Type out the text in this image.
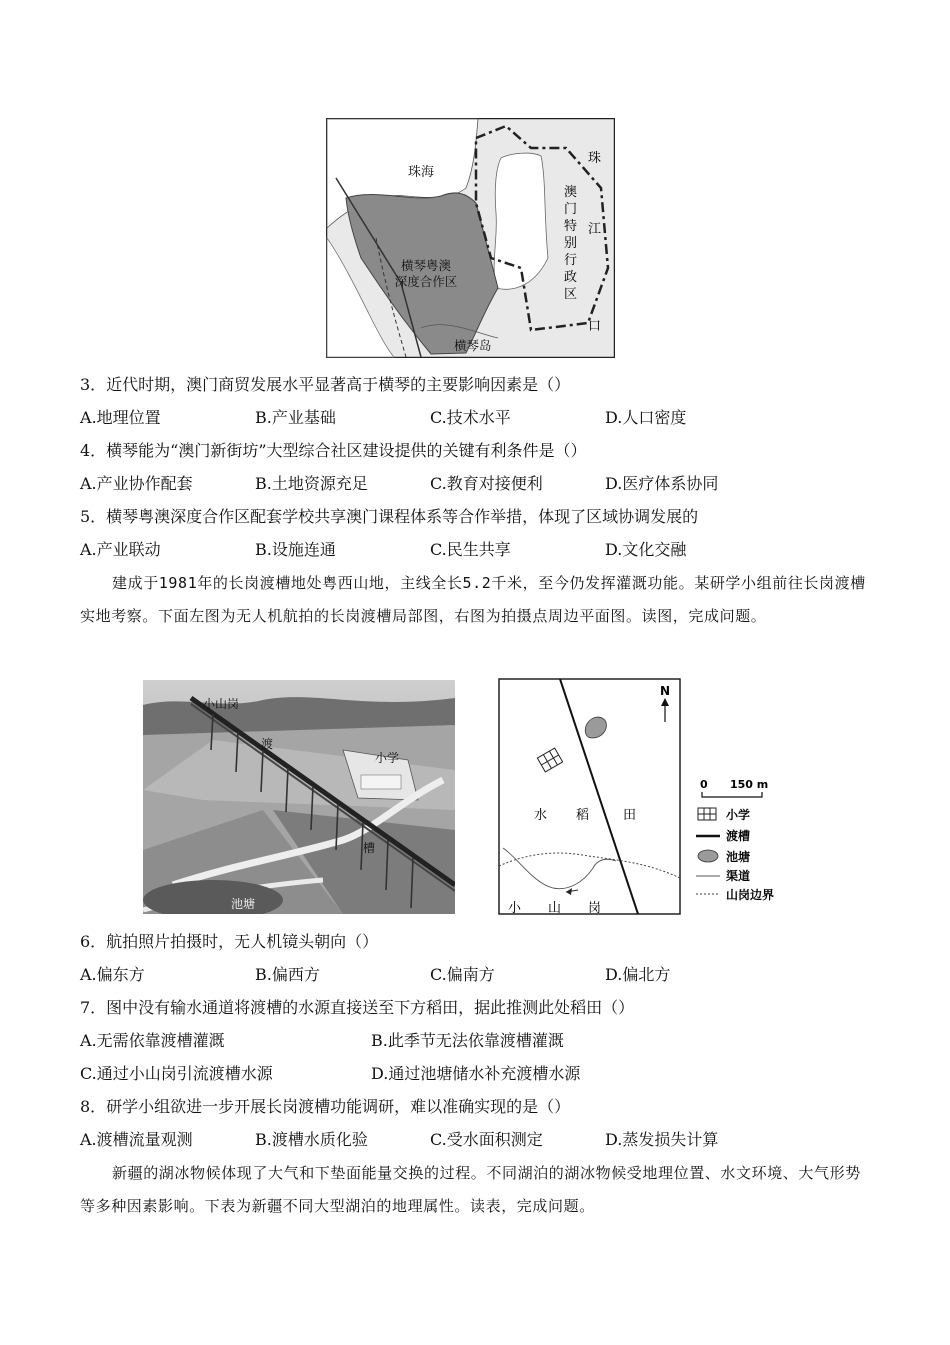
珠海
横琴粤澳
深度合作区
横琴岛
澳
门
特
别
行
政
区
珠
江
口
3．近代时期，澳门商贸发展水平显著高于横琴的主要影响因素是（）
A.地理位置	B.产业基础	C.技术水平	D.人口密度
4．横琴能为“澳门新街坊”大型综合社区建设提供的关键有利条件是（）
A.产业协作配套	B.土地资源充足	C.教育对接便利	D.医疗体系协同
5．横琴粤澳深度合作区配套学校共享澳门课程体系等合作举措，体现了区域协调发展的
A.产业联动	B.设施连通	C.民生共享	D.文化交融
建成于1981年的长岗渡槽地处粤西山地，主线全长5.2千米，至今仍发挥灌溉功能。某研学小组前往长岗渡槽实地考察。下面左图为无人机航拍的长岗渡槽局部图，右图为拍摄点周边平面图。读图，完成问题。
小山岗
渡
小学
槽
池塘
N
水 稻	田
小 山 岗
0 150 m
小学
渡槽
池塘
渠道
山岗边界
6．航拍照片拍摄时，无人机镜头朝向（）
A.偏东方	B.偏西方	C.偏南方	D.偏北方
7．图中没有输水通道将渡槽的水源直接送至下方稻田，据此推测此处稻田（）
A.无需依靠渡槽灌溉	B.此季节无法依靠渡槽灌溉
C.通过小山岗引流渡槽水源	D.通过池塘储水补充渡槽水源
8．研学小组欲进一步开展长岗渡槽功能调研，难以准确实现的是（）
A.渡槽流量观测	B.渡槽水质化验	C.受水面积测定	D.蒸发损失计算
新疆的湖冰物候体现了大气和下垫面能量交换的过程。不同湖泊的湖冰物候受地理位置、水文环境、大气形势等多种因素影响。下表为新疆不同大型湖泊的地理属性。读表，完成问题。
